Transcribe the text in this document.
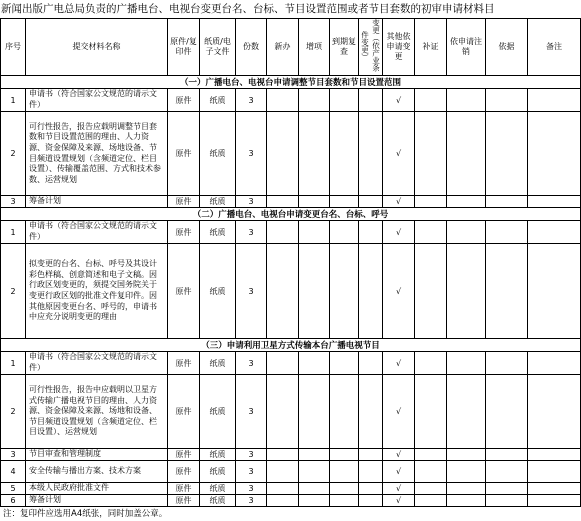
新闻出版广电总局负责的广播电台、电视台变更台名、台标、节目设置范围或者节目套数的初审申请材料目
序号	提交材料名称	原件/复印件	纸质/电子文件	份数	新办	增项	到期复查	变更（依产业条件变更）	其他依申请变更	补证	依申请注销	依据	备注
（一）广播电台、电视台申请调整节目套数和节目设置范围													
1	申请书（符合国家公文规范的请示文件）	原件	纸质	3					√				
2	可行性报告，报告应载明调整节目套数和节目设置范围的理由、人力资源、资金保障及来源、场地设备、节目频道设置规划（含频道定位、栏目设置）、传输覆盖范围、方式和技术参数、运营规划	原件	纸质	3					√				
3	筹备计划	原件	纸质	3					√				
（二）广播电台、电视台申请变更台名、台标、呼号													
1	申请书（符合国家公文规范的请示文件）	原件	纸质	3					√				
2	拟变更的台名、台标、呼号及其设计彩色样稿、创意简述和电子文稿。因行政区划变更的，须提交国务院关于变更行政区划的批准文件复印件。因其他原因变更台名、呼号的，申请书中应充分说明变更的理由	原件	纸质	3					√				
（三）申请利用卫星方式传输本台广播电视节目													
1	申请书（符合国家公文规范的请示文件）	原件	纸质	3					√				
2	可行性报告，报告中应载明以卫星方式传输广播电视节目的理由、人力资源、资金保障及来源、场地和设备、节目频道设置规划（含频道定位、栏目设置）、运营规划	原件	纸质	3					√				
3	节目审查和管理制度	原件	纸质	3					√				
4	安全传输与播出方案、技术方案	原件	纸质	3					√				
5	本级人民政府批准文件	原件	纸质	3					√				
6	筹备计划	原件	纸质	3					√				
注：复印件应选用A4纸张，同时加盖公章。
